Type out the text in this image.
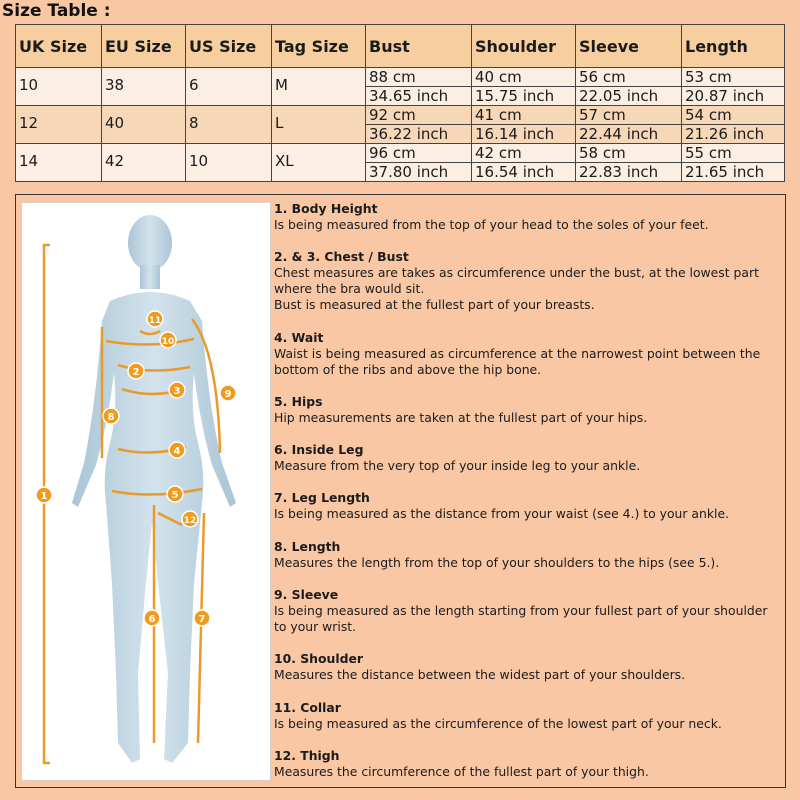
Size Table :
UK Size	EU Size	US Size	Tag Size	Bust	Shoulder	Sleeve	Length
10	38	6	M	88 cm	40 cm	56 cm	53 cm
				34.65 inch	15.75 inch	22.05 inch	20.87 inch
12	40	8	L	92 cm	41 cm	57 cm	54 cm
				36.22 inch	16.14 inch	22.44 inch	21.26 inch
14	42	10	XL	96 cm	42 cm	58 cm	55 cm
				37.80 inch	16.54 inch	22.83 inch	21.65 inch
1
2
3
4
5
6	7
8
9
10
11
12
1. Body Height
Is being measured from the top of your head to the soles of your feet.
2. & 3. Chest / Bust
Chest measures are takes as circumference under the bust, at the lowest part where the bra would sit.
Bust is measured at the fullest part of your breasts.
4. Wait
Waist is being measured as circumference at the narrowest point between the bottom of the ribs and above the hip bone.
5. Hips
Hip measurements are taken at the fullest part of your hips.
6. Inside Leg
Measure from the very top of your inside leg to your ankle.
7. Leg Length
Is being measured as the distance from your waist (see 4.) to your ankle.
8. Length
Measures the length from the top of your shoulders to the hips (see 5.).
9. Sleeve
Is being measured as the length starting from your fullest part of your shoulder to your wrist.
10. Shoulder
Measures the distance between the widest part of your shoulders.
11. Collar
Is being measured as the circumference of the lowest part of your neck.
12. Thigh
Measures the circumference of the fullest part of your thigh.
